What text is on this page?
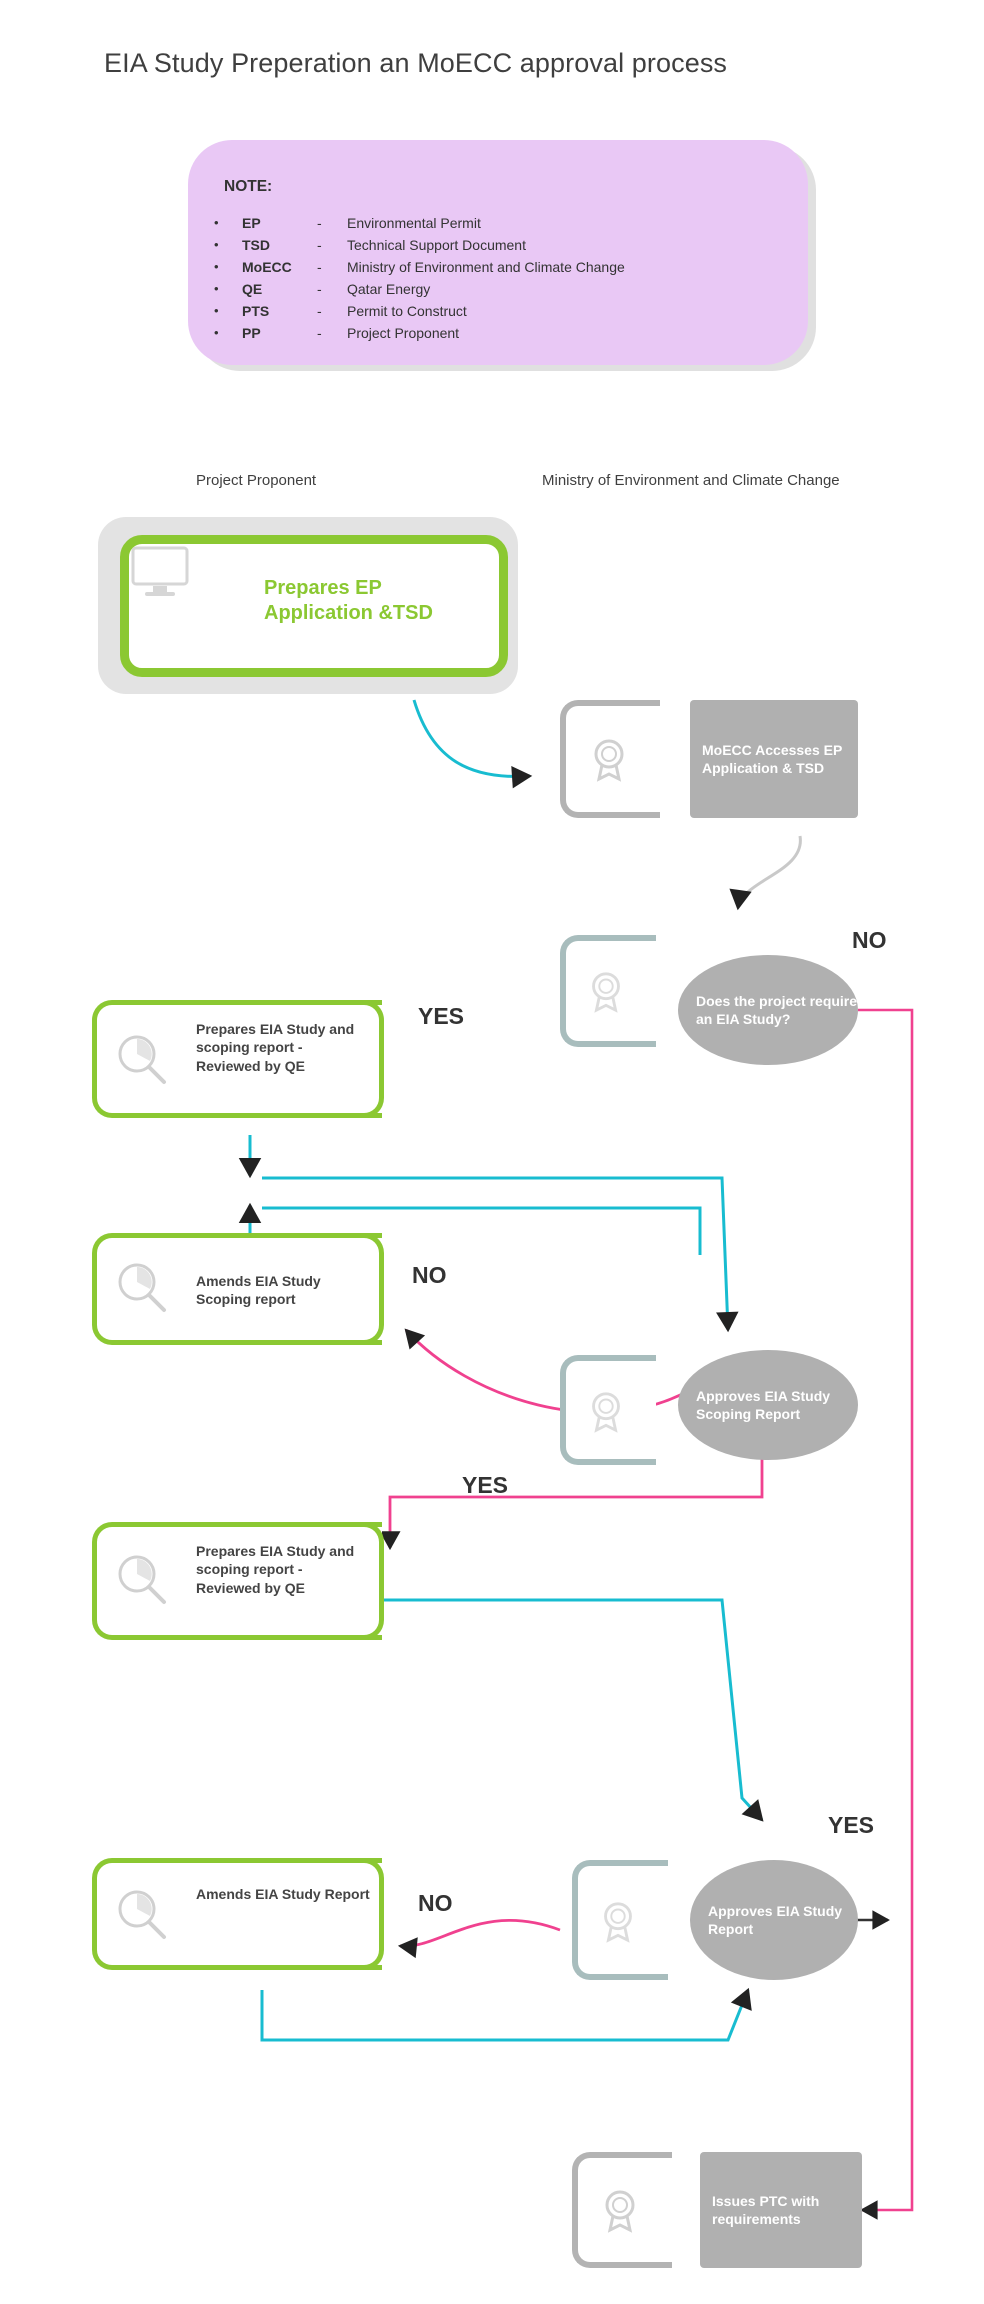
EIA Study Preperation an MoECC approval process
NOTE:
•	EP	-	Environmental Permit
•	TSD	-	Technical Support Document
•	MoECC	-	Ministry of Environment and Climate Change
•	QE	-	Qatar Energy
•	PTS	-	Permit to Construct
•	PP	-	Project Proponent
Project Proponent	Ministry of Environment and Climate Change
Prepares EP Application &TSD
MoECC Accesses EP Application & TSD
Does the project require an EIA Study?
NO
YES
Prepares EIA Study and scoping report - Reviewed by QE
Amends EIA Study Scoping report
NO
Approves EIA Study Scoping Report
YES
Prepares EIA Study and scoping report - Reviewed by QE
Amends EIA Study Report NO	Approves EIA Study Report
YES
Issues PTC with requirements
